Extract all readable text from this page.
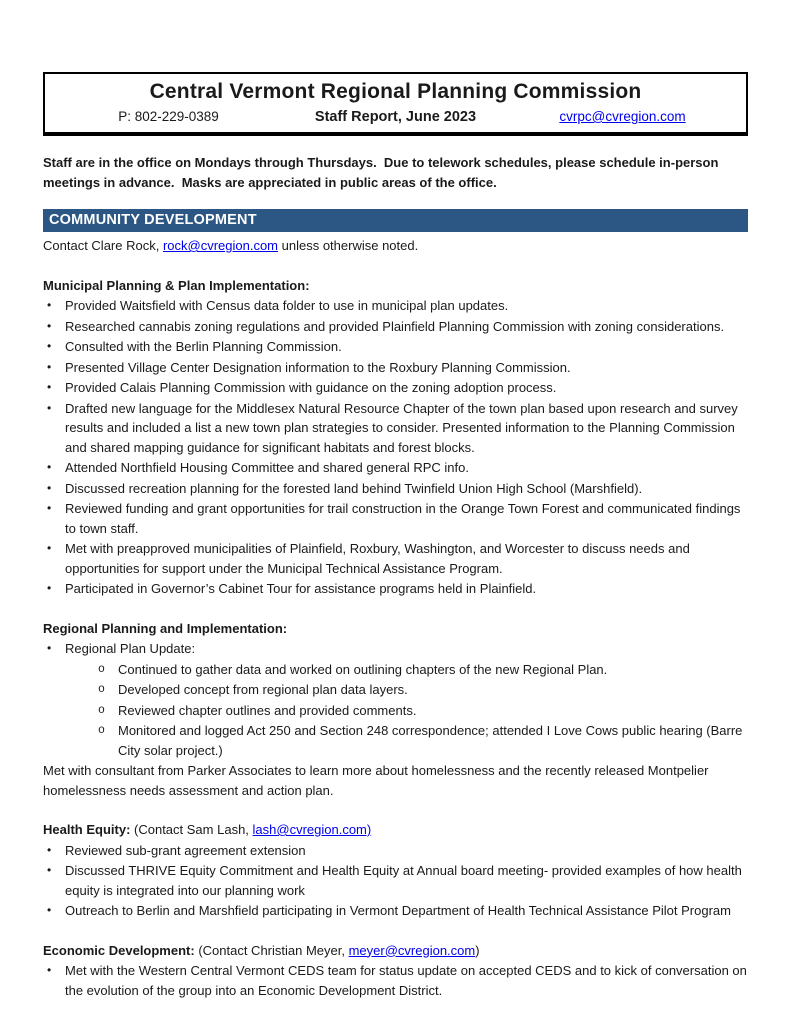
Central Vermont Regional Planning Commission
P: 802-229-0389	Staff Report, June 2023	cvrpc@cvregion.com

Staff are in the office on Mondays through Thursdays.  Due to telework schedules, please schedule in-person meetings in advance.  Masks are appreciated in public areas of the office.

COMMUNITY DEVELOPMENT

Contact Clare Rock, rock@cvregion.com unless otherwise noted.

Municipal Planning & Plan Implementation:
•	Provided Waitsfield with Census data folder to use in municipal plan updates.
•	Researched cannabis zoning regulations and provided Plainfield Planning Commission with zoning considerations.
•	Consulted with the Berlin Planning Commission.
•	Presented Village Center Designation information to the Roxbury Planning Commission.
•	Provided Calais Planning Commission with guidance on the zoning adoption process.
•	Drafted new language for the Middlesex Natural Resource Chapter of the town plan based upon research and survey results and included a list a new town plan strategies to consider. Presented information to the Planning Commission and shared mapping guidance for significant habitats and forest blocks.
•	Attended Northfield Housing Committee and shared general RPC info.
•	Discussed recreation planning for the forested land behind Twinfield Union High School (Marshfield).
•	Reviewed funding and grant opportunities for trail construction in the Orange Town Forest and communicated findings to town staff.
•	Met with preapproved municipalities of Plainfield, Roxbury, Washington, and Worcester to discuss needs and opportunities for support under the Municipal Technical Assistance Program.
•	Participated in Governor’s Cabinet Tour for assistance programs held in Plainfield.
Regional Planning and Implementation:
•	Regional Plan Update:
o	Continued to gather data and worked on outlining chapters of the new Regional Plan.
o	Developed concept from regional plan data layers.
o	Reviewed chapter outlines and provided comments.
o	Monitored and logged Act 250 and Section 248 correspondence; attended I Love Cows public hearing (Barre City solar project.)
Met with consultant from Parker Associates to learn more about homelessness and the recently released Montpelier homelessness needs assessment and action plan.
Health Equity: (Contact Sam Lash, lash@cvregion.com)
•	Reviewed sub-grant agreement extension
•	Discussed THRIVE Equity Commitment and Health Equity at Annual board meeting- provided examples of how health equity is integrated into our planning work
•	Outreach to Berlin and Marshfield participating in Vermont Department of Health Technical Assistance Pilot Program
Economic Development: (Contact Christian Meyer, meyer@cvregion.com)
•	Met with the Western Central Vermont CEDS team for status update on accepted CEDS and to kick of conversation on the evolution of the group into an Economic Development District.
